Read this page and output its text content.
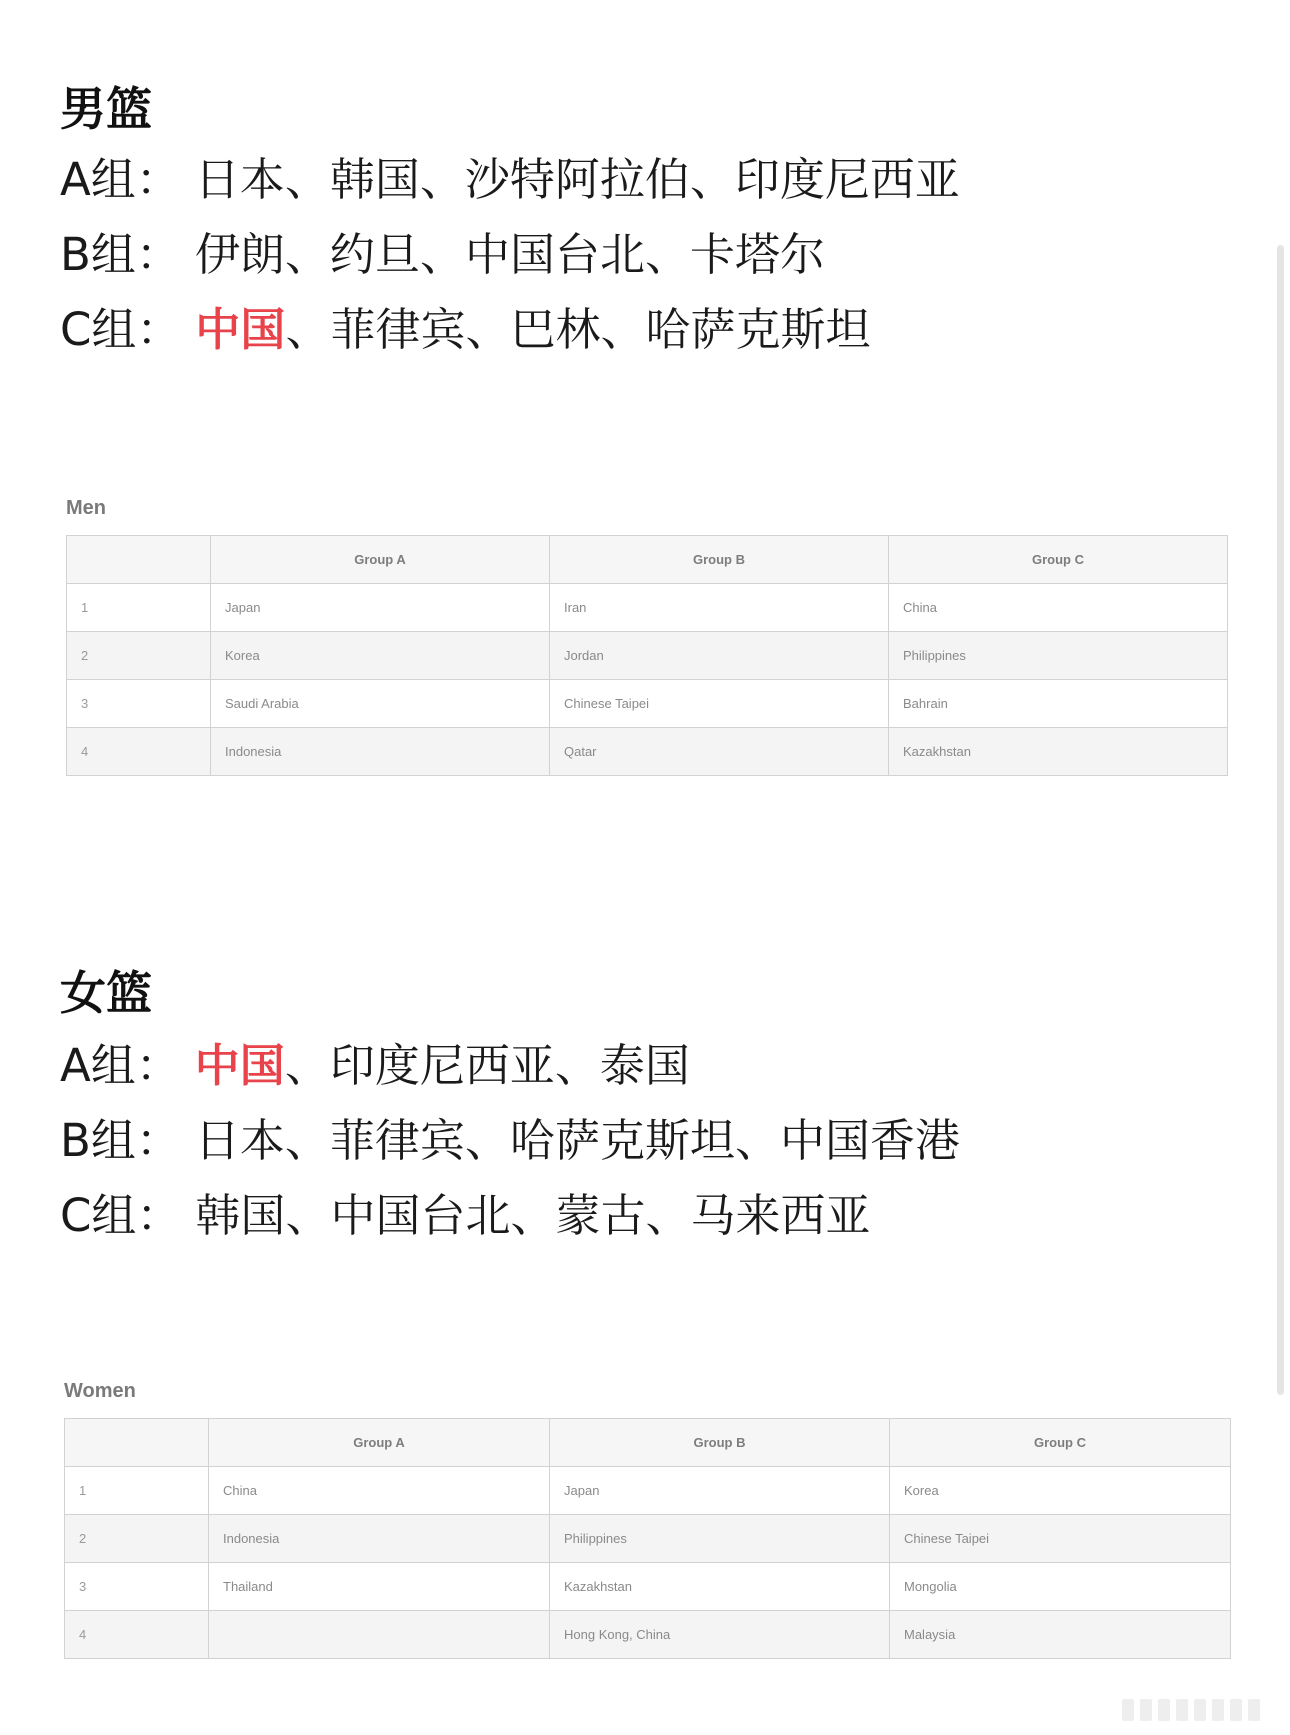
男篮
A组： 日本、韩国、沙特阿拉伯、印度尼西亚
B组： 伊朗、约旦、中国台北、卡塔尔
C组： 中国、菲律宾、巴林、哈萨克斯坦
Men
	Group A	Group B	Group C
1	Japan	Iran	China
2	Korea	Jordan	Philippines
3	Saudi Arabia	Chinese Taipei	Bahrain
4	Indonesia	Qatar	Kazakhstan
女篮
A组： 中国、印度尼西亚、泰国
B组： 日本、菲律宾、哈萨克斯坦、中国香港
C组： 韩国、中国台北、蒙古、马来西亚
Women
	Group A	Group B	Group C
1	China	Japan	Korea
2	Indonesia	Philippines	Chinese Taipei
3	Thailand	Kazakhstan	Mongolia
4		Hong Kong, China	Malaysia
